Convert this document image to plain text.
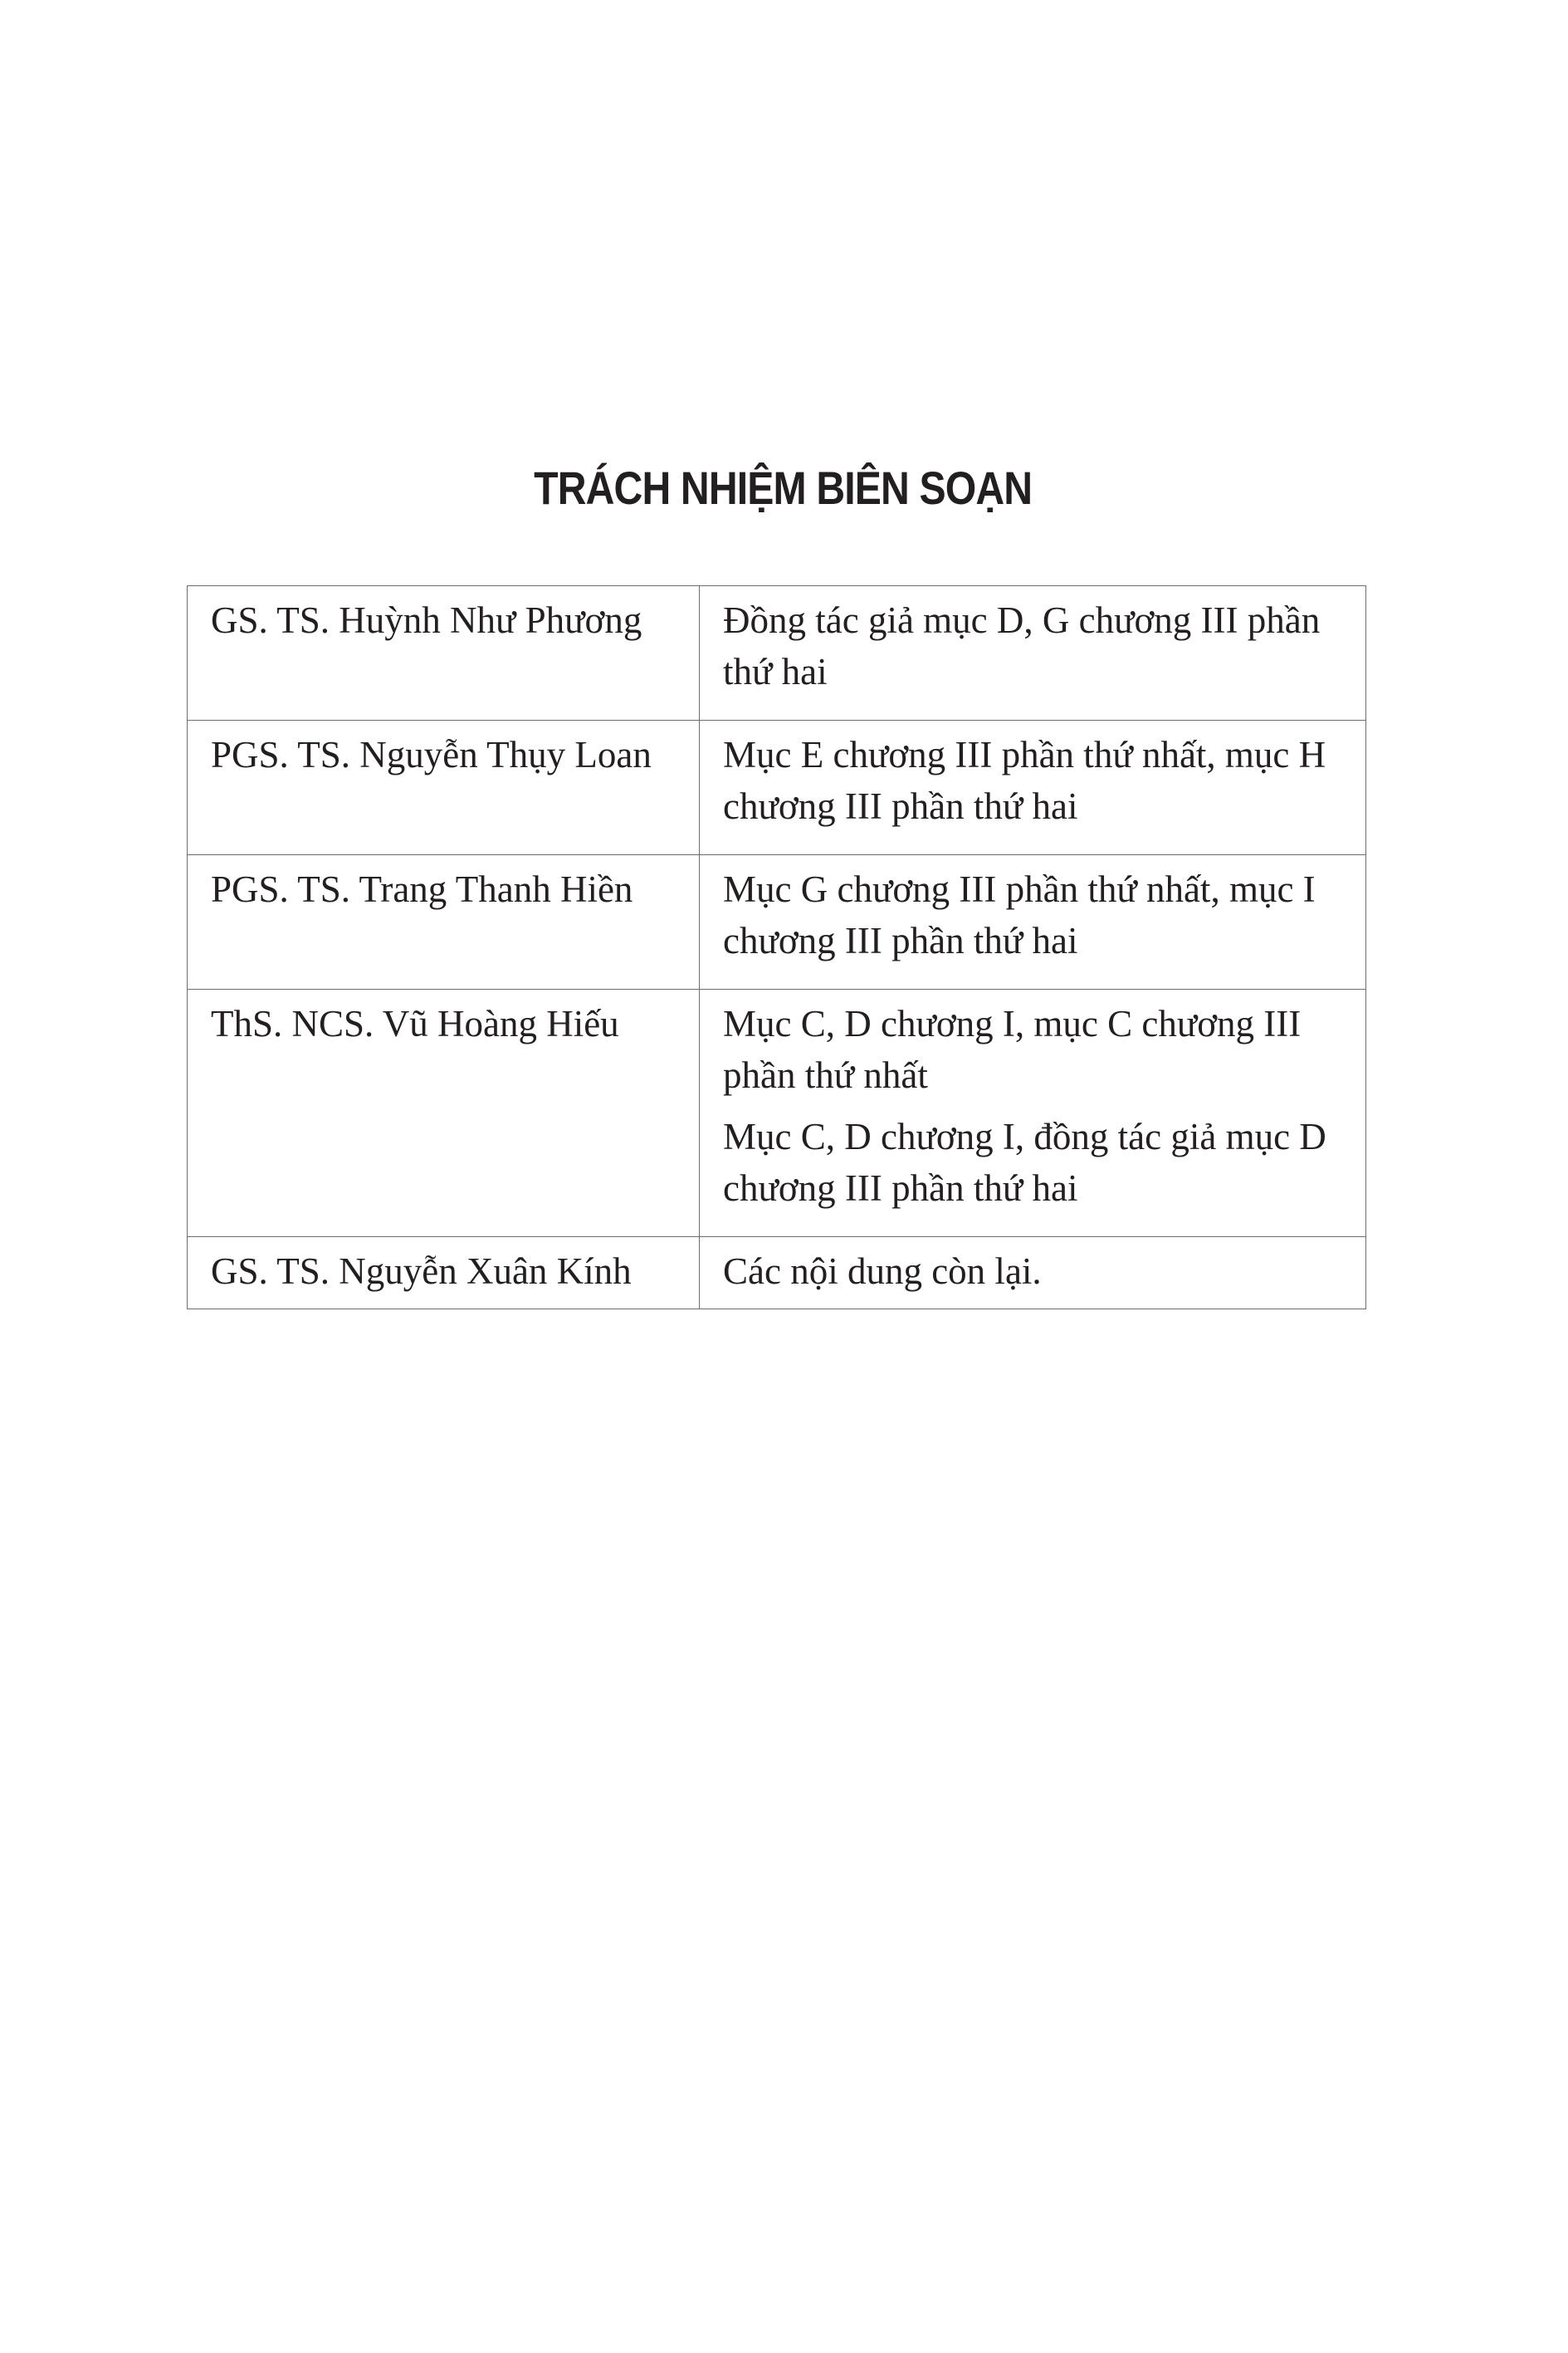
TRÁCH NHIỆM BIÊN SOẠN
GS. TS. Huỳnh Như Phương	Đồng tác giả mục D, G chương III phần thứ hai

PGS. TS. Nguyễn Thụy Loan	Mục E chương III phần thứ nhất, mục H chương III phần thứ hai

PGS. TS. Trang Thanh Hiền	Mục G chương III phần thứ nhất, mục I chương III phần thứ hai

ThS. NCS. Vũ Hoàng Hiếu	Mục C, D chương I, mục C chương III phần thứ nhất
Mục C, D chương I, đồng tác giả mục D chương III phần thứ hai

GS. TS. Nguyễn Xuân Kính	Các nội dung còn lại.
